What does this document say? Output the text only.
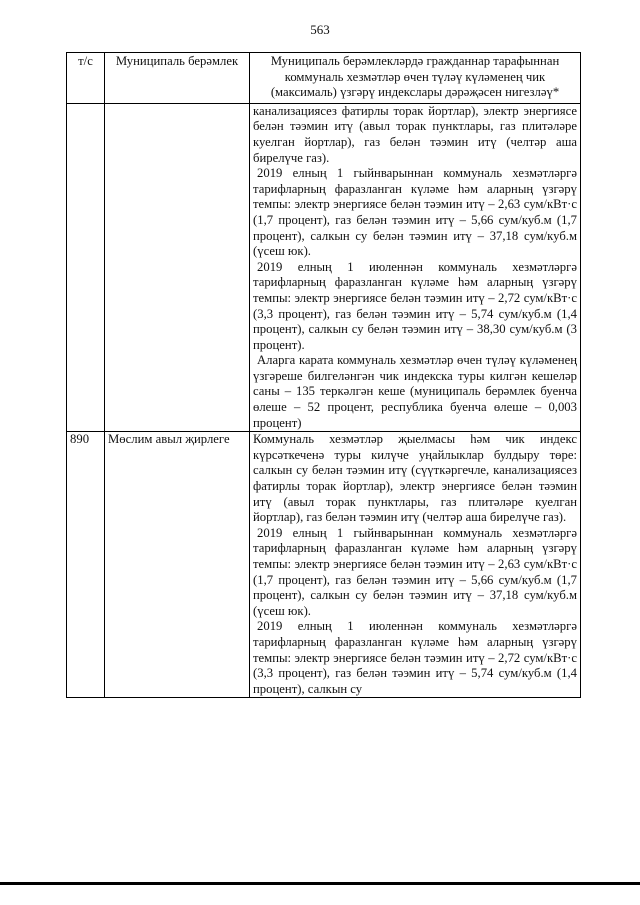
563
т/с	Муниципаль берәмлек	Муниципаль берәмлекләрдә гражданнар тарафыннан коммуналь хезмәтләр өчен түләү күләменең чик (максималь) үзгәрү индекслары дәрәҗәсен нигезләү*

		канализациясез фатирлы торак йортлар), электр энергиясе белән тәэмин итү (авыл торак пунктлары, газ плитәләре куелган йортлар), газ белән тәэмин итү (челтәр аша бирелүче газ).

2019 елның 1 гыйнварыннан коммуналь хезмәтләргә тарифларның фаразланган күләме һәм аларның үзгәрү темпы: электр энергиясе белән тәэмин итү – 2,63 сум/кВт·с (1,7 процент), газ белән тәэмин итү – 5,66 сум/куб.м (1,7 процент), салкын су белән тәэмин итү – 37,18 сум/куб.м (үсеш юк).

2019 елның 1 июленнән коммуналь хезмәтләргә тарифларның фаразланган күләме һәм аларның үзгәрү темпы: электр энергиясе белән тәэмин итү – 2,72 сум/кВт·с (3,3 процент), газ белән тәэмин итү – 5,74 сум/куб.м (1,4 процент), салкын су белән тәэмин итү – 38,30 сум/куб.м (3 процент).

Аларга карата коммуналь хезмәтләр өчен түләү күләменең үзгәреше билгеләнгән чик индекска туры килгән кешеләр саны – 135 теркәлгән кеше (муниципаль берәмлек буенча өлеше – 52 процент, республика буенча өлеше – 0,003 процент)

890	Мөслим авыл җирлеге	Коммуналь хезмәтләр җыелмасы һәм чик индекс күрсәткеченә туры килүче уңайлыклар булдыру төре: салкын су белән тәэмин итү (сүүткәргечле, канализациясез фатирлы торак йортлар), электр энергиясе белән тәэмин итү (авыл торак пунктлары, газ плитәләре куелган йортлар), газ белән тәэмин итү (челтәр аша бирелүче газ).

2019 елның 1 гыйнварыннан коммуналь хезмәтләргә тарифларның фаразланган күләме һәм аларның үзгәрү темпы: электр энергиясе белән тәэмин итү – 2,63 сум/кВт·с (1,7 процент), газ белән тәэмин итү – 5,66 сум/куб.м (1,7 процент), салкын су белән тәэмин итү – 37,18 сум/куб.м (үсеш юк).

2019 елның 1 июленнән коммуналь хезмәтләргә тарифларның фаразланган күләме һәм аларның үзгәрү темпы: электр энергиясе белән тәэмин итү – 2,72 сум/кВт·с (3,3 процент), газ белән тәэмин итү – 5,74 сум/куб.м (1,4 процент), салкын су
